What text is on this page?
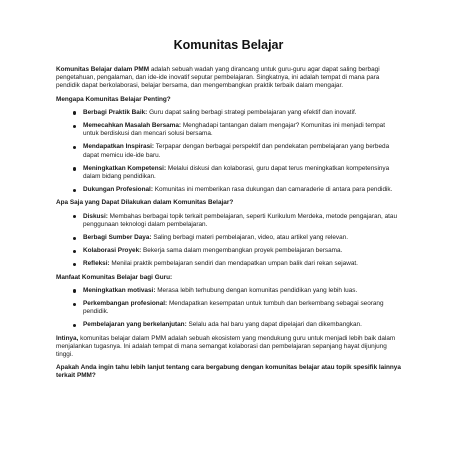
Komunitas Belajar

Komunitas Belajar dalam PMM adalah sebuah wadah yang dirancang untuk guru-guru agar dapat saling berbagi pengetahuan, pengalaman, dan ide-ide inovatif seputar pembelajaran. Singkatnya, ini adalah tempat di mana para pendidik dapat berkolaborasi, belajar bersama, dan mengembangkan praktik terbaik dalam mengajar.

Mengapa Komunitas Belajar Penting?
Berbagi Praktik Baik: Guru dapat saling berbagi strategi pembelajaran yang efektif dan inovatif.
Memecahkan Masalah Bersama: Menghadapi tantangan dalam mengajar? Komunitas ini menjadi tempat untuk berdiskusi dan mencari solusi bersama.
Mendapatkan Inspirasi: Terpapar dengan berbagai perspektif dan pendekatan pembelajaran yang berbeda dapat memicu ide-ide baru.
Meningkatkan Kompetensi: Melalui diskusi dan kolaborasi, guru dapat terus meningkatkan kompetensinya dalam bidang pendidikan.
Dukungan Profesional: Komunitas ini memberikan rasa dukungan dan camaraderie di antara para pendidik.
Apa Saja yang Dapat Dilakukan dalam Komunitas Belajar?
Diskusi: Membahas berbagai topik terkait pembelajaran, seperti Kurikulum Merdeka, metode pengajaran, atau penggunaan teknologi dalam pembelajaran.
Berbagi Sumber Daya: Saling berbagi materi pembelajaran, video, atau artikel yang relevan.
Kolaborasi Proyek: Bekerja sama dalam mengembangkan proyek pembelajaran bersama.
Refleksi: Menilai praktik pembelajaran sendiri dan mendapatkan umpan balik dari rekan sejawat.
Manfaat Komunitas Belajar bagi Guru:
Meningkatkan motivasi: Merasa lebih terhubung dengan komunitas pendidikan yang lebih luas.
Perkembangan profesional: Mendapatkan kesempatan untuk tumbuh dan berkembang sebagai seorang pendidik.
Pembelajaran yang berkelanjutan: Selalu ada hal baru yang dapat dipelajari dan dikembangkan.

Intinya, komunitas belajar dalam PMM adalah sebuah ekosistem yang mendukung guru untuk menjadi lebih baik dalam menjalankan tugasnya. Ini adalah tempat di mana semangat kolaborasi dan pembelajaran sepanjang hayat dijunjung tinggi.

Apakah Anda ingin tahu lebih lanjut tentang cara bergabung dengan komunitas belajar atau topik spesifik lainnya terkait PMM?
